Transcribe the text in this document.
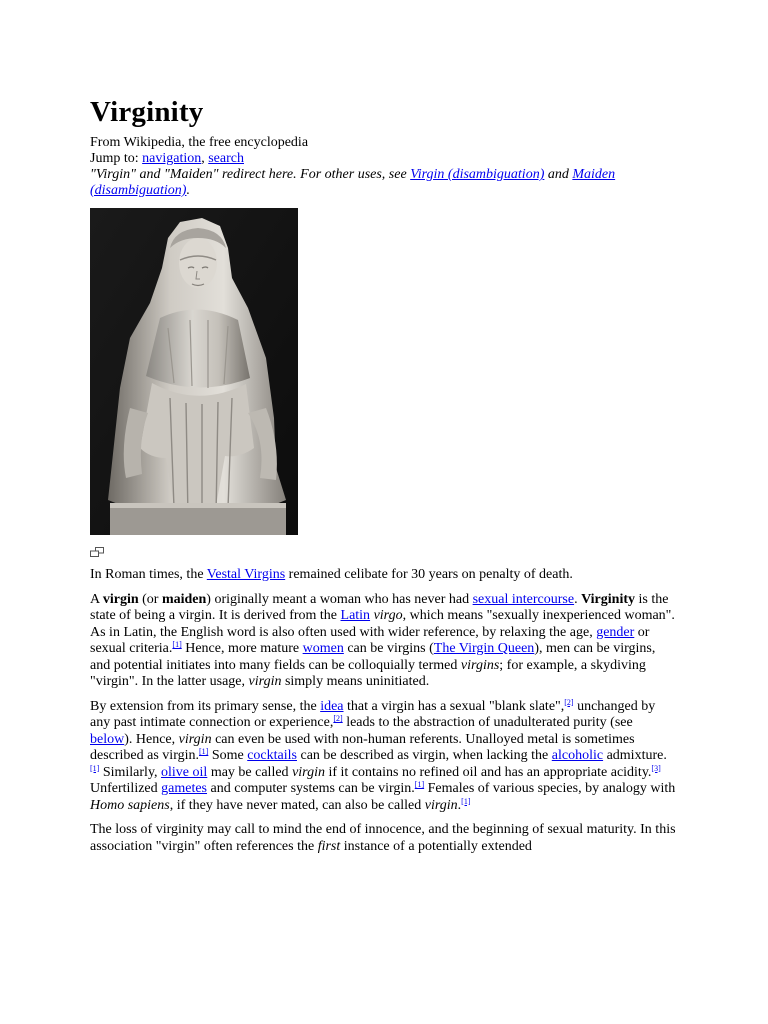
Virginity
From Wikipedia, the free encyclopedia
Jump to: navigation, search
"Virgin" and "Maiden" redirect here. For other uses, see Virgin (disambiguation) and Maiden (disambiguation).

In Roman times, the Vestal Virgins remained celibate for 30 years on penalty of death.

A virgin (or maiden) originally meant a woman who has never had sexual intercourse. Virginity is the state of being a virgin. It is derived from the Latin virgo, which means "sexually inexperienced woman". As in Latin, the English word is also often used with wider reference, by relaxing the age, gender or sexual criteria.[1] Hence, more mature women can be virgins (The Virgin Queen), men can be virgins, and potential initiates into many fields can be colloquially termed virgins; for example, a skydiving "virgin". In the latter usage, virgin simply means uninitiated.

By extension from its primary sense, the idea that a virgin has a sexual "blank slate",[2] unchanged by any past intimate connection or experience,[2] leads to the abstraction of unadulterated purity (see below). Hence, virgin can even be used with non-human referents. Unalloyed metal is sometimes described as virgin.[1] Some cocktails can be described as virgin, when lacking the alcoholic admixture.[1] Similarly, olive oil may be called virgin if it contains no refined oil and has an appropriate acidity.[3] Unfertilized gametes and computer systems can be virgin.[1] Females of various species, by analogy with Homo sapiens, if they have never mated, can also be called virgin.[1]

The loss of virginity may call to mind the end of innocence, and the beginning of sexual maturity. In this association "virgin" often references the first instance of a potentially extended
